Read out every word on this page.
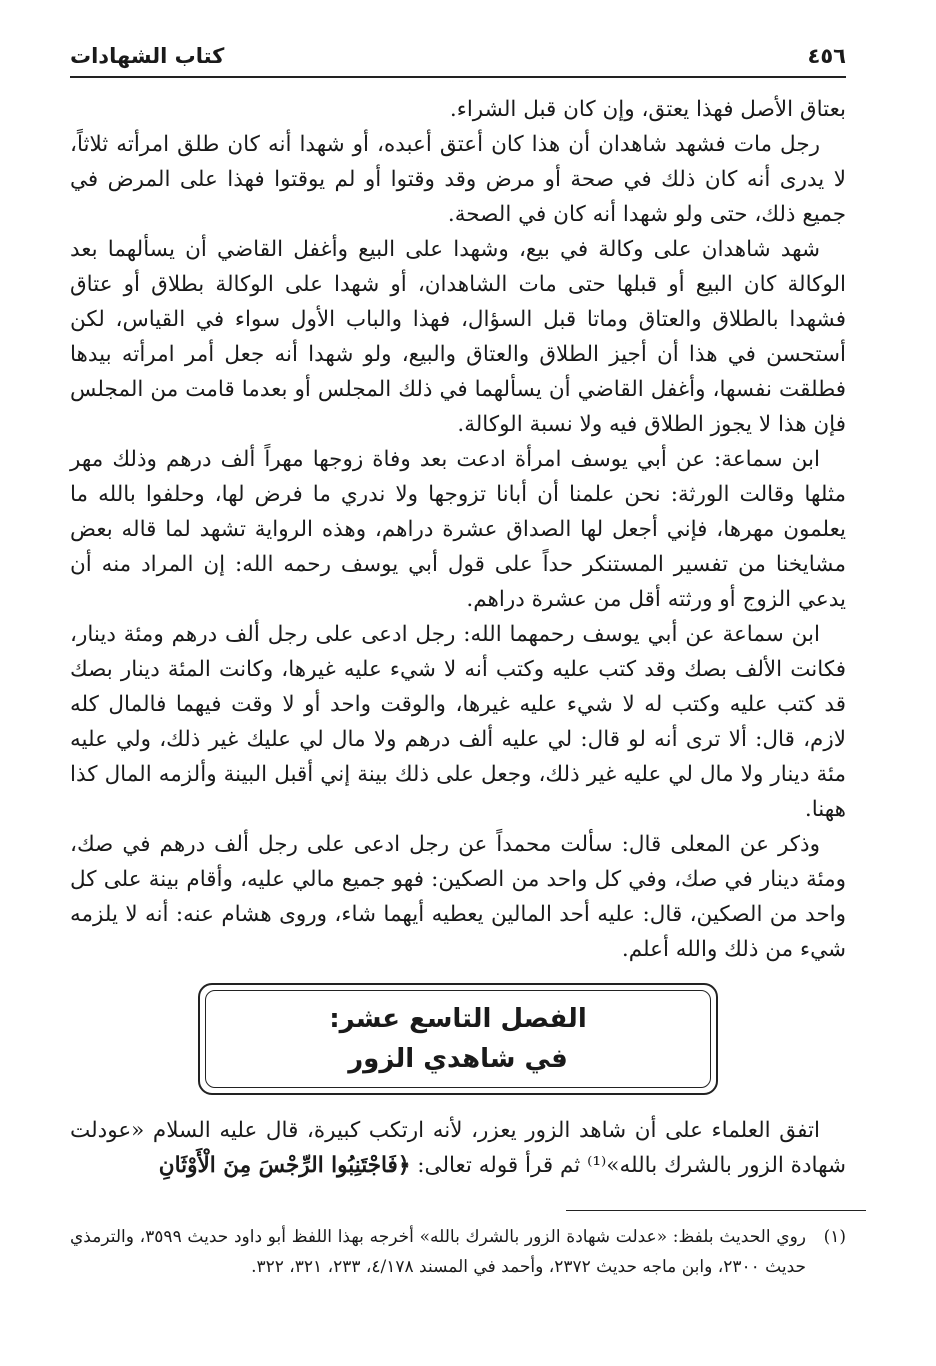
٤٥٦
كتاب الشهادات

بعتاق الأصل فهذا يعتق، وإن كان قبل الشراء.

رجل مات فشهد شاهدان أن هذا كان أعتق أعبده، أو شهدا أنه كان طلق امرأته ثلاثاً، لا يدرى أنه كان ذلك في صحة أو مرض وقد وقتوا أو لم يوقتوا فهذا على المرض في جميع ذلك، حتى ولو شهدا أنه كان في الصحة.

شهد شاهدان على وكالة في بيع، وشهدا على البيع وأغفل القاضي أن يسألهما بعد الوكالة كان البيع أو قبلها حتى مات الشاهدان، أو شهدا على الوكالة بطلاق أو عتاق فشهدا بالطلاق والعتاق وماتا قبل السؤال، فهذا والباب الأول سواء في القياس، لكن أستحسن في هذا أن أجيز الطلاق والعتاق والبيع، ولو شهدا أنه جعل أمر امرأته بيدها فطلقت نفسها، وأغفل القاضي أن يسألهما في ذلك المجلس أو بعدما قامت من المجلس فإن هذا لا يجوز الطلاق فيه ولا نسبة الوكالة.

ابن سماعة: عن أبي يوسف امرأة ادعت بعد وفاة زوجها مهراً ألف درهم وذلك مهر مثلها وقالت الورثة: نحن علمنا أن أبانا تزوجها ولا ندري ما فرض لها، وحلفوا بالله ما يعلمون مهرها، فإني أجعل لها الصداق عشرة دراهم، وهذه الرواية تشهد لما قاله بعض مشايخنا من تفسير المستنكر حداً على قول أبي يوسف رحمه الله: إن المراد منه أن يدعي الزوج أو ورثته أقل من عشرة دراهم.

ابن سماعة عن أبي يوسف رحمهما الله: رجل ادعى على رجل ألف درهم ومئة دينار، فكانت الألف بصك وقد كتب عليه وكتب أنه لا شيء عليه غيرها، وكانت المئة دينار بصك قد كتب عليه وكتب له لا شيء عليه غيرها، والوقت واحد أو لا وقت فيهما فالمال كله لازم، قال: ألا ترى أنه لو قال: لي عليه ألف درهم ولا مال لي عليك غير ذلك، ولي عليه مئة دينار ولا مال لي عليه غير ذلك، وجعل على ذلك بينة إني أقبل البينة وألزمه المال كذا ههنا.

وذكر عن المعلى قال: سألت محمداً عن رجل ادعى على رجل ألف درهم في صك، ومئة دينار في صك، وفي كل واحد من الصكين: فهو جميع مالي عليه، وأقام بينة على كل واحد من الصكين، قال: عليه أحد المالين يعطيه أيهما شاء، وروى هشام عنه: أنه لا يلزمه شيء من ذلك والله أعلم.

الفصل التاسع عشر:
في شاهدي الزور

اتفق العلماء على أن شاهد الزور يعزر، لأنه ارتكب كبيرة، قال عليه السلام «عودلت شهادة الزور بالشرك بالله»⁽¹⁾ ثم قرأ قوله تعالى: ﴿فَاجْتَنِبُوا الرِّجْسَ مِنَ الْأَوْثَانِ

(١)
روي الحديث بلفظ: «عدلت شهادة الزور بالشرك بالله» أخرجه بهذا اللفظ أبو داود حديث ٣٥٩٩، والترمذي حديث ٢٣٠٠، وابن ماجه حديث ٢٣٧٢، وأحمد في المسند ٤/١٧٨، ٢٣٣، ٣٢١، ٣٢٢.
